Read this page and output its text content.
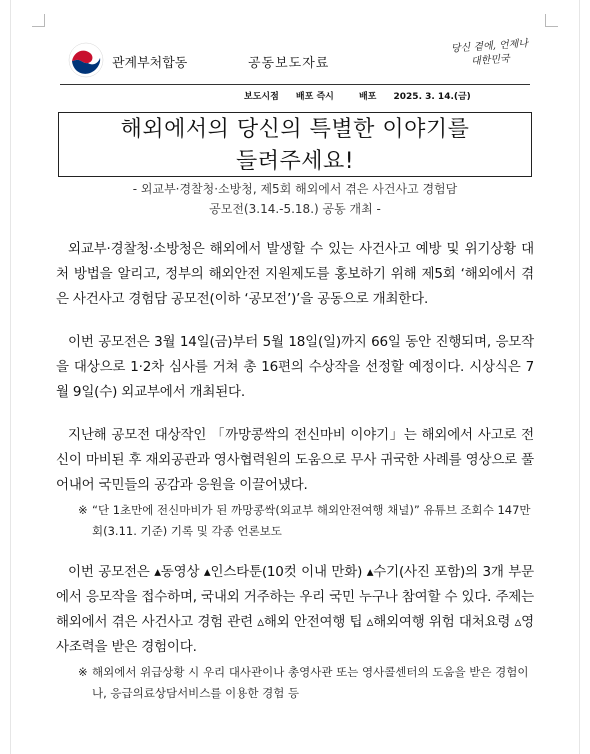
관계부처합동	공동보도자료
당신 곁에, 언제나 대한민국
보도시점 배포 즉시	배포 2025. 3. 14.(금)
해외에서의 당신의 특별한 이야기를
들려주세요!
- 외교부·경찰청·소방청, 제5회 해외에서 겪은 사건사고 경험담
공모전(3.14.-5.18.) 공동 개최 -

외교부·경찰청·소방청은 해외에서 발생할 수 있는 사건사고 예방 및 위기상황 대처 방법을 알리고, 정부의 해외안전 지원제도를 홍보하기 위해 제5회 ‘해외에서 겪은 사건사고 경험담 공모전(이하 ‘공모전’)’을 공동으로 개최한다.

이번 공모전은 3월 14일(금)부터 5월 18일(일)까지 66일 동안 진행되며, 응모작을 대상으로 1·2차 심사를 거쳐 총 16편의 수상작을 선정할 예정이다. 시상식은 7월 9일(수) 외교부에서 개최된다.

지난해 공모전 대상작인 「까망콩싹의 전신마비 이야기」는 해외에서 사고로 전신이 마비된 후 재외공관과 영사협력원의 도움으로 무사 귀국한 사례를 영상으로 풀어내어 국민들의 공감과 응원을 이끌어냈다.

※ “단 1초만에 전신마비가 된 까망콩싹(외교부 해외안전여행 채널)” 유튜브 조회수 147만 회(3.11. 기준) 기록 및 각종 언론보도

이번 공모전은 ▴동영상 ▴인스타툰(10컷 이내 만화) ▴수기(사진 포함)의 3개 부문에서 응모작을 접수하며, 국내외 거주하는 우리 국민 누구나 참여할 수 있다. 주제는 해외에서 겪은 사건사고 경험 관련 ▵해외 안전여행 팁 ▵해외여행 위험 대처요령 ▵영사조력을 받은 경험이다.

※ 해외에서 위급상황 시 우리 대사관이나 총영사관 또는 영사콜센터의 도움을 받은 경험이나, 응급의료상담서비스를 이용한 경험 등
